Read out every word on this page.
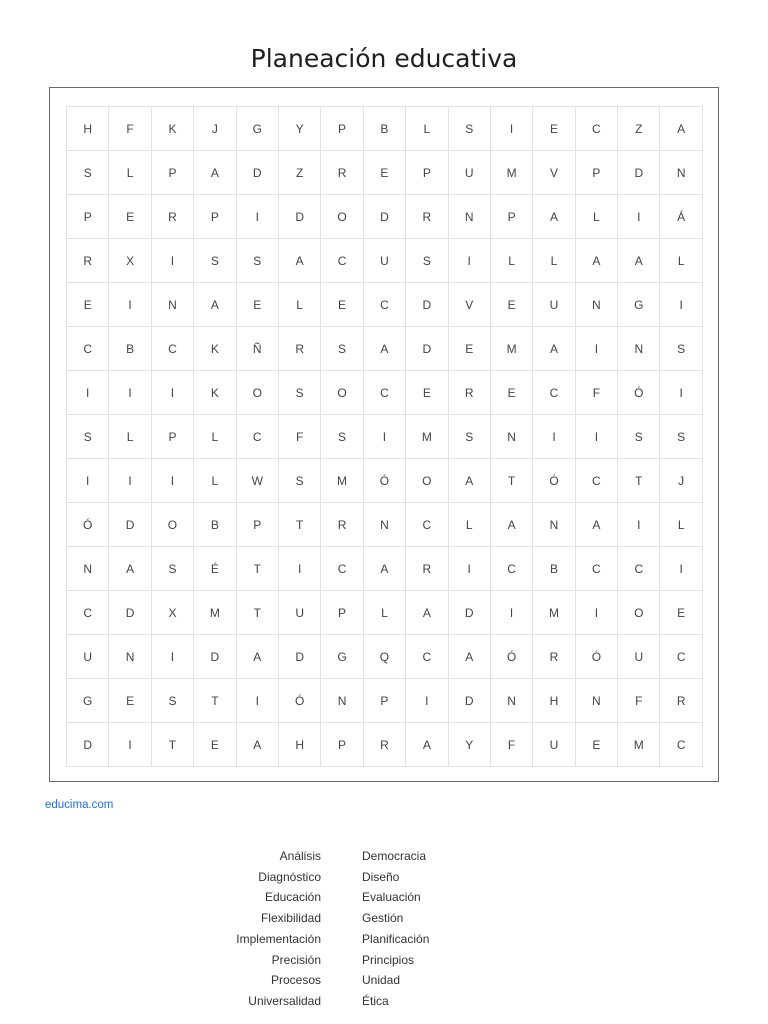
Planeación educativa
H	F	K	J	G	Y	P	B	L	S	I	E	C	Z	A
S	L	P	A	D	Z	R	E	P	U	M	V	P	D	N
P	E	R	P	I	D	O	D	R	N	P	A	L	I	Á
R	X	I	S	S	A	C	U	S	I	L	L	A	A	L
E	I	N	A	E	L	E	C	D	V	E	U	N	G	I
C	B	C	K	Ñ	R	S	A	D	E	M	A	I	N	S
I	I	I	K	O	S	O	C	E	R	E	C	F	Ó	I
S	L	P	L	C	F	S	I	M	S	N	I	I	S	S
I	I	I	L	W	S	M	Ó	O	A	T	Ó	C	T	J
Ó	D	O	B	P	T	R	N	C	L	A	N	A	I	L
N	A	S	É	T	I	C	A	R	I	C	B	C	C	I
C	D	X	M	T	U	P	L	A	D	I	M	I	O	E
U	N	I	D	A	D	G	Q	C	A	Ó	R	Ó	U	C
G	E	S	T	I	Ó	N	P	I	D	N	H	N	F	R
D	I	T	E	A	H	P	R	A	Y	F	U	E	M	C
educima.com
Análisis
Diagnóstico
Educación
Flexibilidad
Implementación
Precisión
Procesos
Universalidad
Democracia
Diseño
Evaluación
Gestión
Planificación
Principios
Unidad
Ética
